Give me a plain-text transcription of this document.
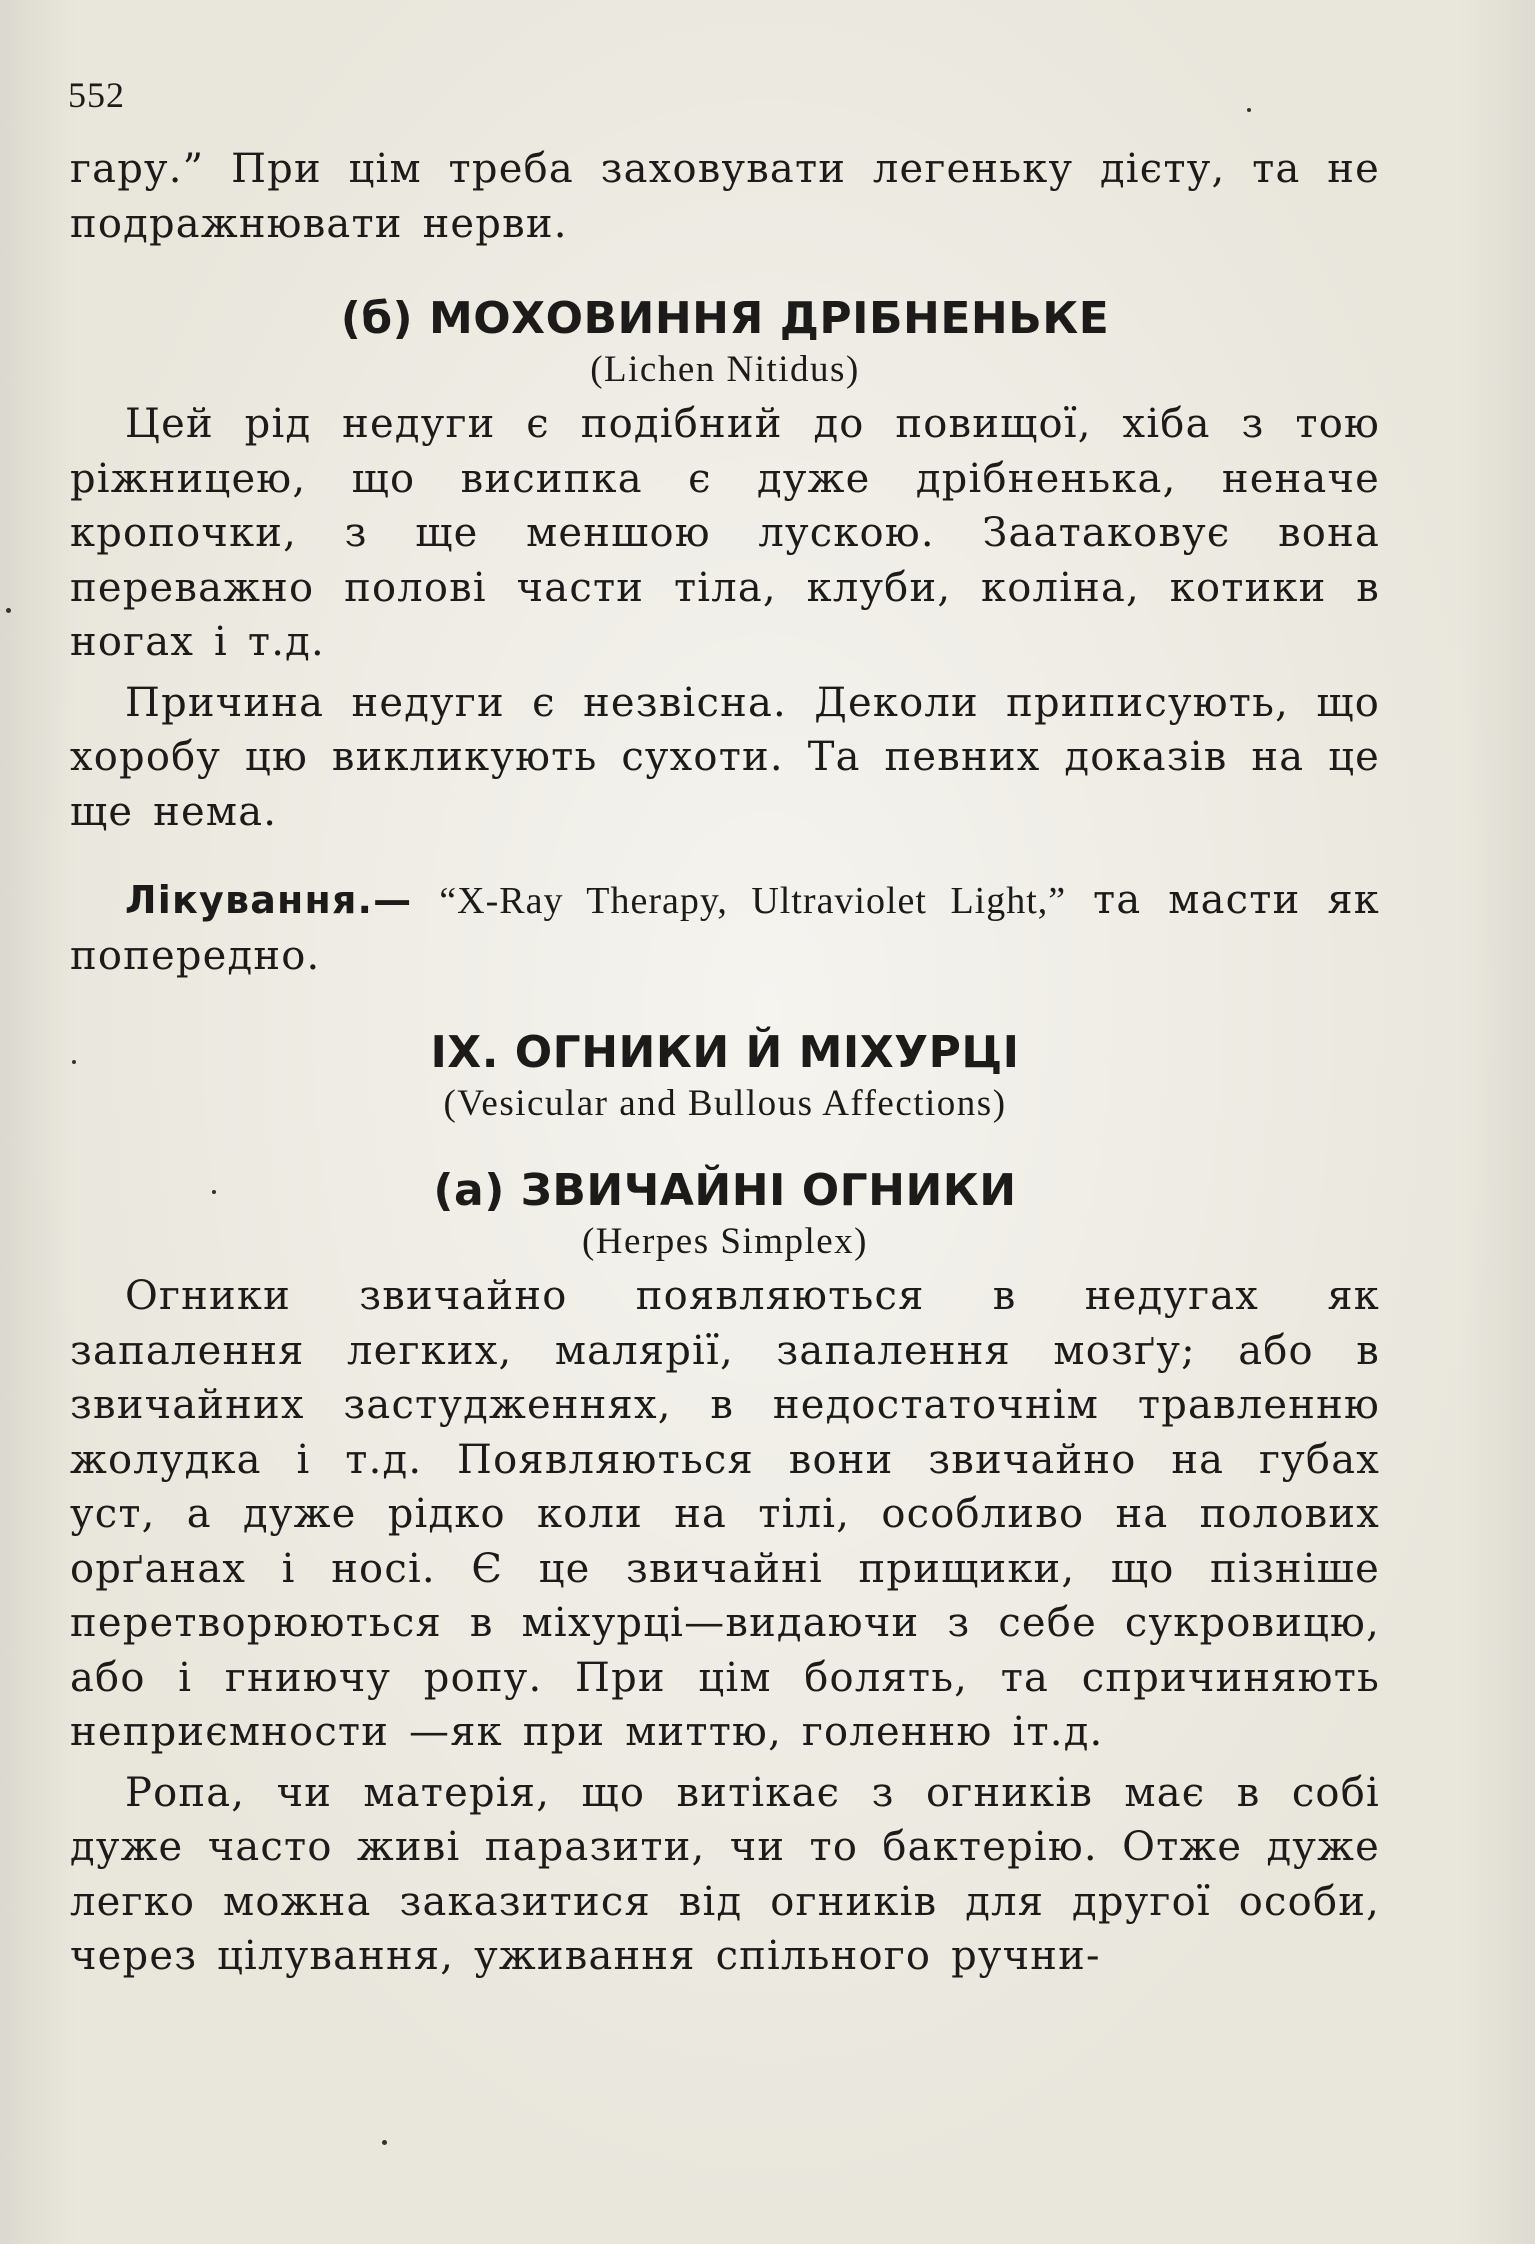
552

гару.” При цім треба заховувати легеньку дієту, та не подражнювати нерви.

(б) МОХОВИННЯ ДРІБНЕНЬКЕ
(Lichen Nitidus)

Цей рід недуги є подібний до повищої, хіба з тою ріжницею, що висипка є дуже дрібненька, неначе кропочки, з ще меншою лускою. Заатаковує вона переважно полові части тіла, клуби, коліна, котики в ногах і т.д.

Причина недуги є незвісна. Деколи приписують, що хоробу цю викликують сухоти. Та певних доказів на це ще нема.

Лікування.— “X-Ray Therapy, Ultraviolet Light,” та масти як попередно.

IX. ОГНИКИ Й МІХУРЦІ
(Vesicular and Bullous Affections)
(а) ЗВИЧАЙНІ ОГНИКИ
(Herpes Simplex)

Огники звичайно появляються в недугах як запалення легких, малярії, запалення мозґу; або в звичайних застудженнях, в недостаточнім травленню жолудка і т.д. Появляються вони звичайно на губах уст, а дуже рідко коли на тілі, особливо на полових орґанах і носі. Є це звичайні прищики, що пізніше перетворюються в міхурці—видаючи з себе сукровицю, або і гниючу ропу. При цім болять, та спричиняють неприємности —як при миттю, голенню іт.д.

Ропа, чи матерія, що витікає з огників має в собі дуже часто живі паразити, чи то бактерію. Отже дуже легко можна заказитися від огників для другої особи, через цілування, уживання спільного ручни-
